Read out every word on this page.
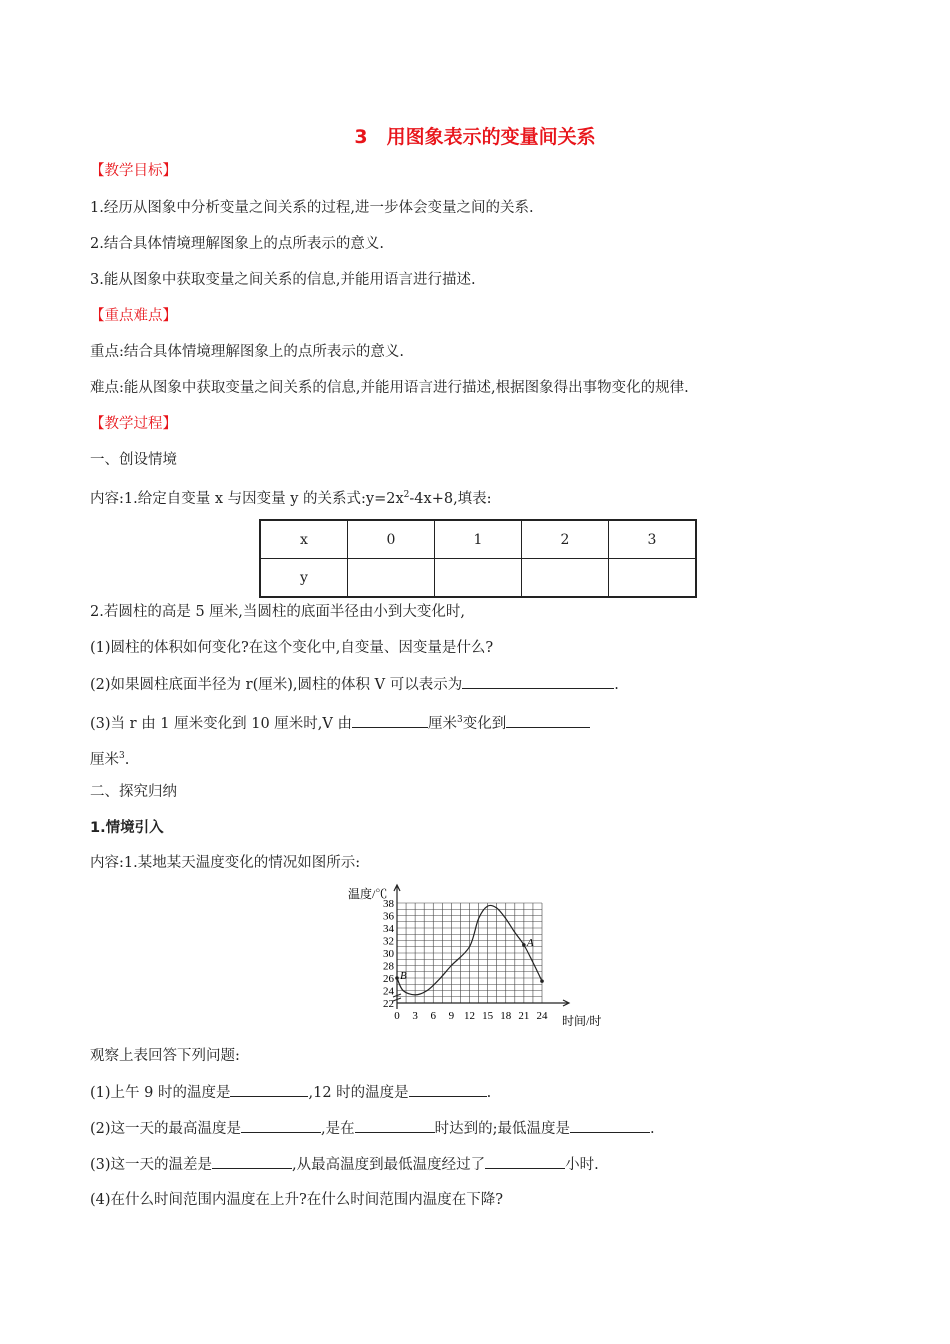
3　用图象表示的变量间关系
【教学目标】
1.经历从图象中分析变量之间关系的过程,进一步体会变量之间的关系.
2.结合具体情境理解图象上的点所表示的意义.
3.能从图象中获取变量之间关系的信息,并能用语言进行描述.
【重点难点】
重点:结合具体情境理解图象上的点所表示的意义.
难点:能从图象中获取变量之间关系的信息,并能用语言进行描述,根据图象得出事物变化的规律.
【教学过程】
一、创设情境
内容:1.给定自变量 x 与因变量 y 的关系式$:y=2x^2-4x+8$,填表:
x	0	1	2	3
y				
2.若圆柱的高是 5 厘米,当圆柱的底面半径由小到大变化时,
(1)圆柱的体积如何变化?在这个变化中,自变量、因变量是什么?
(2)如果圆柱底面半径为 r(厘米),圆柱的体积 V 可以表示为	.
(3)当 r 由 1 厘米变化到 10 厘米时,V 由	厘米$^3$变化到
厘米$^3$.
二、探究归纳
1.情境引入
内容:1.某地某天温度变化的情况如图所示:
0 3 6 9 12 15 18 21 24
22
24
26
28
30
32
34
36
38
A
B
温度/℃
时间/时
观察上表回答下列问题:
(1)上午 9 时的温度是	,12 时的温度是	.
(2)这一天的最高温度是	,是在	时达到的;最低温度是	.
(3)这一天的温差是	,从最高温度到最低温度经过了	小时.
(4)在什么时间范围内温度在上升?在什么时间范围内温度在下降?
